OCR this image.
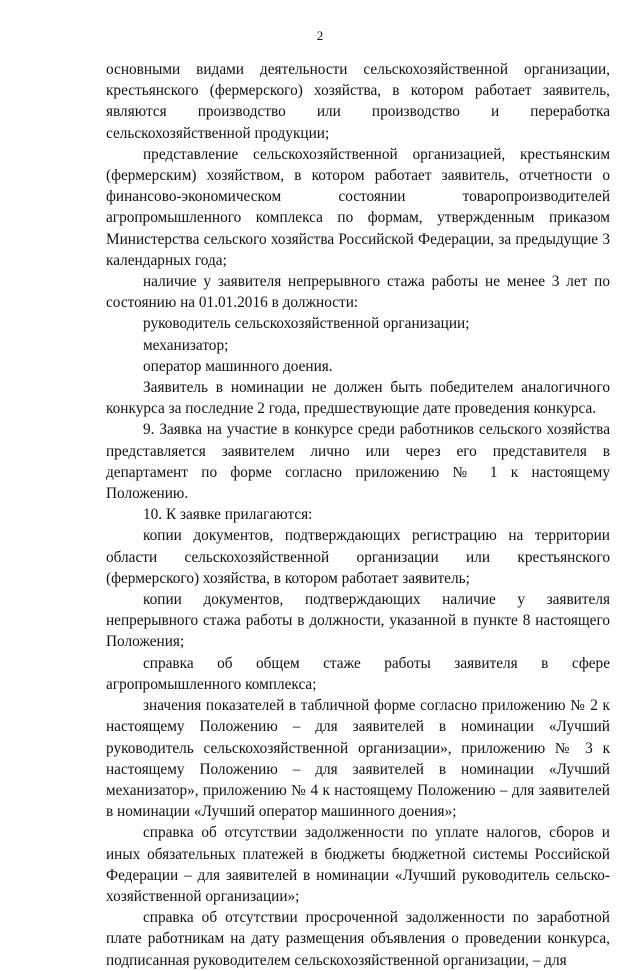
2

основными видами деятельности сельскохозяйственной организации, крестьянского (фермерского) хозяйства, в котором работает заявитель, являются производство или производство и переработка сельскохозяйственной продукции;

представление сельскохозяйственной организацией, крестьянским (фермерским) хозяйством, в котором работает заявитель, отчетности о финансово-экономическом состоянии товаропроизводителей агропромышленного комплекса по формам, утвержденным приказом Министерства сельского хозяйства Российской Федерации, за предыдущие 3 календарных года;

наличие у заявителя непрерывного стажа работы не менее 3 лет по состоянию на 01.01.2016 в должности:

руководитель сельскохозяйственной организации;

механизатор;

оператор машинного доения.

Заявитель в номинации не должен быть победителем аналогичного конкурса за последние 2 года, предшествующие дате проведения конкурса.

9. Заявка на участие в конкурсе среди работников сельского хозяйства представляется заявителем лично или через его представителя в департамент по форме согласно приложению № 1 к настоящему Положению.

10. К заявке прилагаются:

копии документов, подтверждающих регистрацию на территории области сельскохозяйственной организации или крестьянского (фермерского) хозяйства, в котором работает заявитель;

копии документов, подтверждающих наличие у заявителя непрерывного стажа работы в должности, указанной в пункте 8 настоящего Положения;

справка об общем стаже работы заявителя в сфере агропромышленного комплекса;

значения показателей в табличной форме согласно приложению № 2 к настоящему Положению – для заявителей в номинации «Лучший руководитель сельскохозяйственной организации», приложению № 3 к настоящему Положению – для заявителей в номинации «Лучший механизатор», приложению № 4 к настоящему Положению – для заявителей в номинации «Лучший оператор машинного доения»;

справка об отсутствии задолженности по уплате налогов, сборов и иных обязательных платежей в бюджеты бюджетной системы Российской Федерации – для заявителей в номинации «Лучший руководитель сельско-хозяйственной организации»;

справка об отсутствии просроченной задолженности по заработной плате работникам на дату размещения объявления о проведении конкурса, подписанная руководителем сельскохозяйственной организации, – для
